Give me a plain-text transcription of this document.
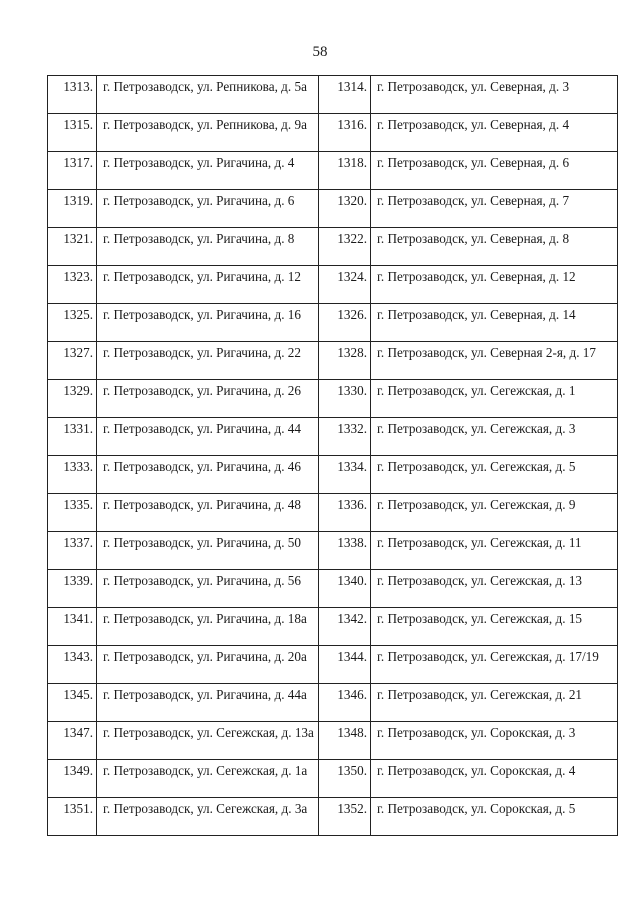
58
1313.	г. Петрозаводск, ул. Репникова, д. 5а	1314.	г. Петрозаводск, ул. Северная, д. 3
1315.	г. Петрозаводск, ул. Репникова, д. 9а	1316.	г. Петрозаводск, ул. Северная, д. 4
1317.	г. Петрозаводск, ул. Ригачина, д. 4	1318.	г. Петрозаводск, ул. Северная, д. 6
1319.	г. Петрозаводск, ул. Ригачина, д. 6	1320.	г. Петрозаводск, ул. Северная, д. 7
1321.	г. Петрозаводск, ул. Ригачина, д. 8	1322.	г. Петрозаводск, ул. Северная, д. 8
1323.	г. Петрозаводск, ул. Ригачина, д. 12	1324.	г. Петрозаводск, ул. Северная, д. 12
1325.	г. Петрозаводск, ул. Ригачина, д. 16	1326.	г. Петрозаводск, ул. Северная, д. 14
1327.	г. Петрозаводск, ул. Ригачина, д. 22	1328.	г. Петрозаводск, ул. Северная 2-я, д. 17
1329.	г. Петрозаводск, ул. Ригачина, д. 26	1330.	г. Петрозаводск, ул. Сегежская, д. 1
1331.	г. Петрозаводск, ул. Ригачина, д. 44	1332.	г. Петрозаводск, ул. Сегежская, д. 3
1333.	г. Петрозаводск, ул. Ригачина, д. 46	1334.	г. Петрозаводск, ул. Сегежская, д. 5
1335.	г. Петрозаводск, ул. Ригачина, д. 48	1336.	г. Петрозаводск, ул. Сегежская, д. 9
1337.	г. Петрозаводск, ул. Ригачина, д. 50	1338.	г. Петрозаводск, ул. Сегежская, д. 11
1339.	г. Петрозаводск, ул. Ригачина, д. 56	1340.	г. Петрозаводск, ул. Сегежская, д. 13
1341.	г. Петрозаводск, ул. Ригачина, д. 18а	1342.	г. Петрозаводск, ул. Сегежская, д. 15
1343.	г. Петрозаводск, ул. Ригачина, д. 20а	1344.	г. Петрозаводск, ул. Сегежская, д. 17/19
1345.	г. Петрозаводск, ул. Ригачина, д. 44а	1346.	г. Петрозаводск, ул. Сегежская, д. 21
1347.	г. Петрозаводск, ул. Сегежская, д. 13а	1348.	г. Петрозаводск, ул. Сорокская, д. 3
1349.	г. Петрозаводск, ул. Сегежская, д. 1а	1350.	г. Петрозаводск, ул. Сорокская, д. 4
1351.	г. Петрозаводск, ул. Сегежская, д. 3а	1352.	г. Петрозаводск, ул. Сорокская, д. 5
